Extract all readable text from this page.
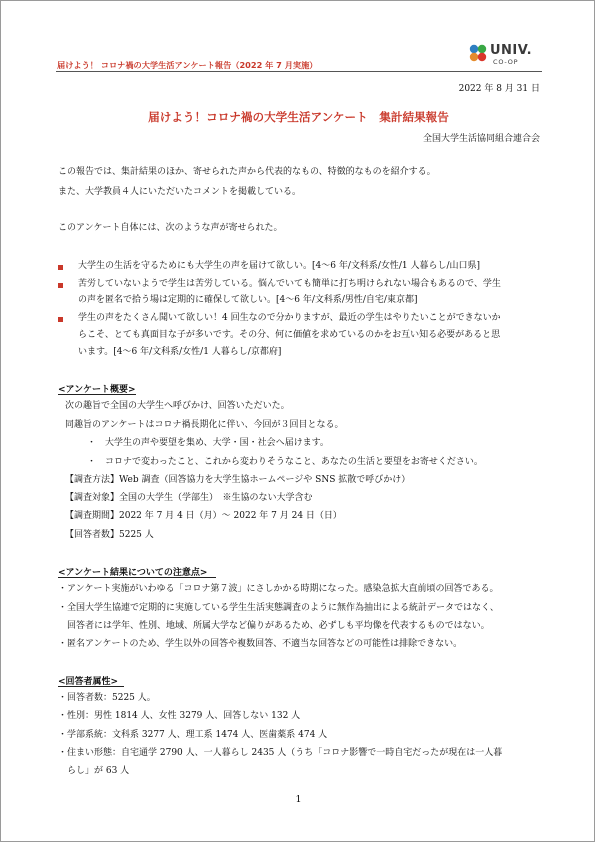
届けよう！ コロナ禍の大学生活アンケート報告（2022 年 7 月実施）
UNIV.
CO-OP
2022 年 8 月 31 日
届けよう！コロナ禍の大学生活アンケート　集計結果報告
全国大学生活協同組合連合会
この報告では、集計結果のほか、寄せられた声から代表的なもの、特徴的なものを紹介する。
また、大学教員４人にいただいたコメントを掲載している。
このアンケート自体には、次のような声が寄せられた。
大学生の生活を守るためにも大学生の声を届けて欲しい。[4〜6 年/文科系/女性/1 人暮らし/山口県]
苦労していないようで学生は苦労している。悩んでいても簡単に打ち明けられない場合もあるので、学生
の声を匿名で拾う場は定期的に確保して欲しい。[4〜6 年/文科系/男性/自宅/東京都]
学生の声をたくさん聞いて欲しい！4 回生なので分かりますが、最近の学生はやりたいことができないか
らこそ、とても真面目な子が多いです。その分、何に価値を求めているのかをお互い知る必要があると思
います。[4〜6 年/文科系/女性/1 人暮らし/京都府]
<アンケート概要>
次の趣旨で全国の大学生へ呼びかけ、回答いただいた。
同趣旨のアンケートはコロナ禍長期化に伴い、今回が３回目となる。
・　大学生の声や要望を集め、大学・国・社会へ届けます。
・　コロナで変わったこと、これから変わりそうなこと、あなたの生活と要望をお寄せください。
【調査方法】Web 調査（回答協力を大学生協ホームページや SNS 拡散で呼びかけ）
【調査対象】全国の大学生（学部生）　※生協のない大学含む
【調査期間】2022 年 7 月 4 日（月）〜 2022 年 7 月 24 日（日）
【回答者数】5225 人
<アンケート結果についての注意点>
・アンケート実施がいわゆる「コロナ第７波」にさしかかる時期になった。感染急拡大直前頃の回答である。
・全国大学生協連で定期的に実施している学生生活実態調査のように無作為抽出による統計データではなく、
　回答者には学年、性別、地域、所属大学など偏りがあるため、必ずしも平均像を代表するものではない。
・匿名アンケートのため、学生以外の回答や複数回答、不適当な回答などの可能性は排除できない。
<回答者属性>
・回答者数：5225 人。
・性別：男性 1814 人、女性 3279 人、回答しない 132 人
・学部系統：文科系 3277 人、理工系 1474 人、医歯薬系 474 人
・住まい形態：自宅通学 2790 人、一人暮らし 2435 人（うち「コロナ影響で一時自宅だったが現在は一人暮
　らし」が 63 人
1
